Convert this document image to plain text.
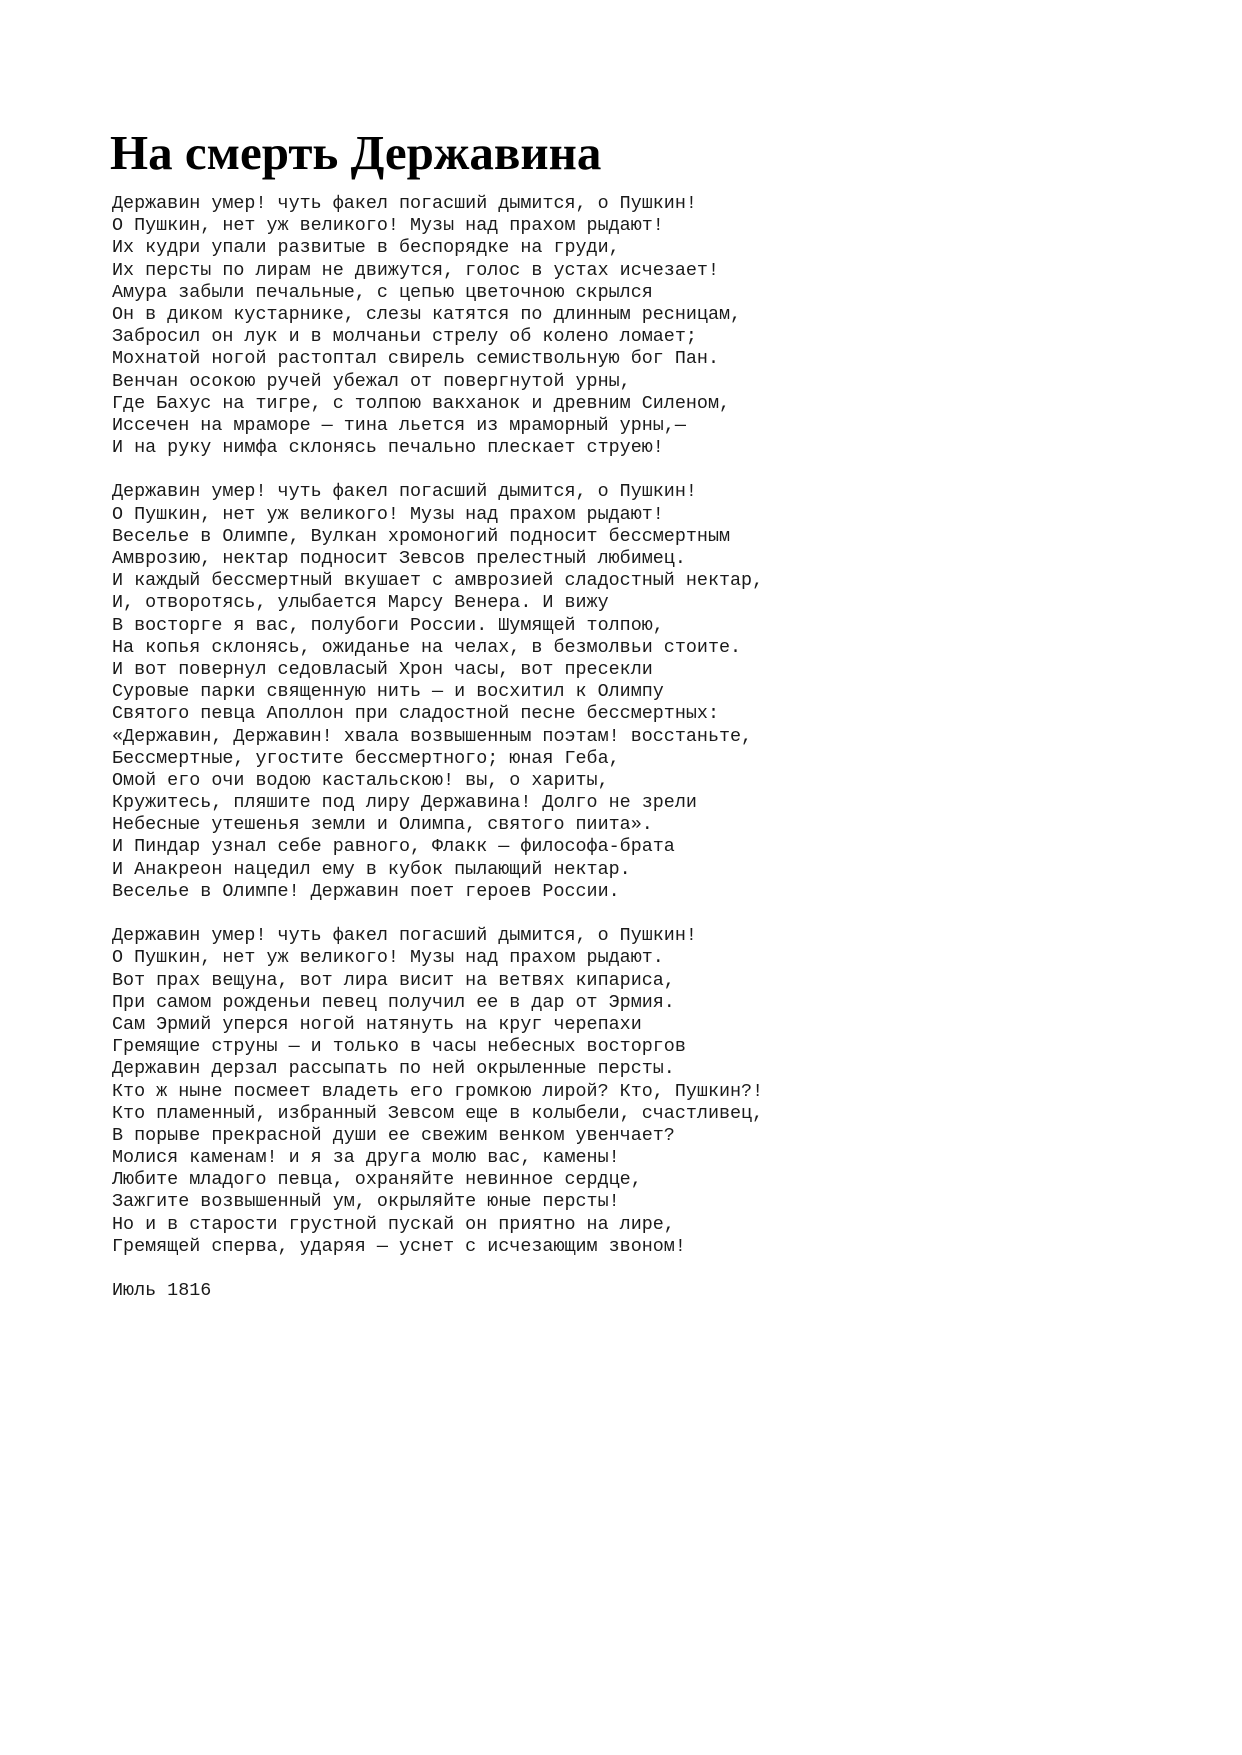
На смерть Державина
Державин умер! чуть факел погасший дымится, о Пушкин!
О Пушкин, нет уж великого! Музы над прахом рыдают!
Их кудри упали развитые в беспорядке на груди,
Их персты по лирам не движутся, голос в устах исчезает!
Амура забыли печальные, с цепью цветочною скрылся
Он в диком кустарнике, слезы катятся по длинным ресницам,
Забросил он лук и в молчаньи стрелу об колено ломает;
Мохнатой ногой растоптал свирель семиствольную бог Пан.
Венчан осокою ручей убежал от повергнутой урны,
Где Бахус на тигре, с толпою вакханок и древним Силеном,
Иссечен на мраморе — тина льется из мраморный урны,—
И на руку нимфа склонясь печально плескает струею!
Державин умер! чуть факел погасший дымится, о Пушкин!
О Пушкин, нет уж великого! Музы над прахом рыдают!
Веселье в Олимпе, Вулкан хромоногий подносит бессмертным
Амврозию, нектар подносит Зевсов прелестный любимец.
И каждый бессмертный вкушает с амврозией сладостный нектар,
И, отворотясь, улыбается Марсу Венера. И вижу
В восторге я вас, полубоги России. Шумящей толпою,
На копья склонясь, ожиданье на челах, в безмолвьи стоите.
И вот повернул седовласый Хрон часы, вот пресекли
Суровые парки священную нить — и восхитил к Олимпу
Святого певца Аполлон при сладостной песне бессмертных:
«Державин, Державин! хвала возвышенным поэтам! восстаньте,
Бессмертные, угостите бессмертного; юная Геба,
Омой его очи водою кастальскою! вы, о хариты,
Кружитесь, пляшите под лиру Державина! Долго не зрели
Небесные утешенья земли и Олимпа, святого пиита».
И Пиндар узнал себе равного, Флакк — философа-брата
И Анакреон нацедил ему в кубок пылающий нектар.
Веселье в Олимпе! Державин поет героев России.
Державин умер! чуть факел погасший дымится, о Пушкин!
О Пушкин, нет уж великого! Музы над прахом рыдают.
Вот прах вещуна, вот лира висит на ветвях кипариса,
При самом рожденьи певец получил ее в дар от Эрмия.
Сам Эрмий уперся ногой натянуть на круг черепахи
Гремящие струны — и только в часы небесных восторгов
Державин дерзал рассыпать по ней окрыленные персты.
Кто ж ныне посмеет владеть его громкою лирой? Кто, Пушкин?!
Кто пламенный, избранный Зевсом еще в колыбели, счастливец,
В порыве прекрасной души ее свежим венком увенчает?
Молися каменам! и я за друга молю вас, камены!
Любите младого певца, охраняйте невинное сердце,
Зажгите возвышенный ум, окрыляйте юные персты!
Но и в старости грустной пускай он приятно на лире,
Гремящей сперва, ударяя — уснет с исчезающим звоном!
Июль 1816
